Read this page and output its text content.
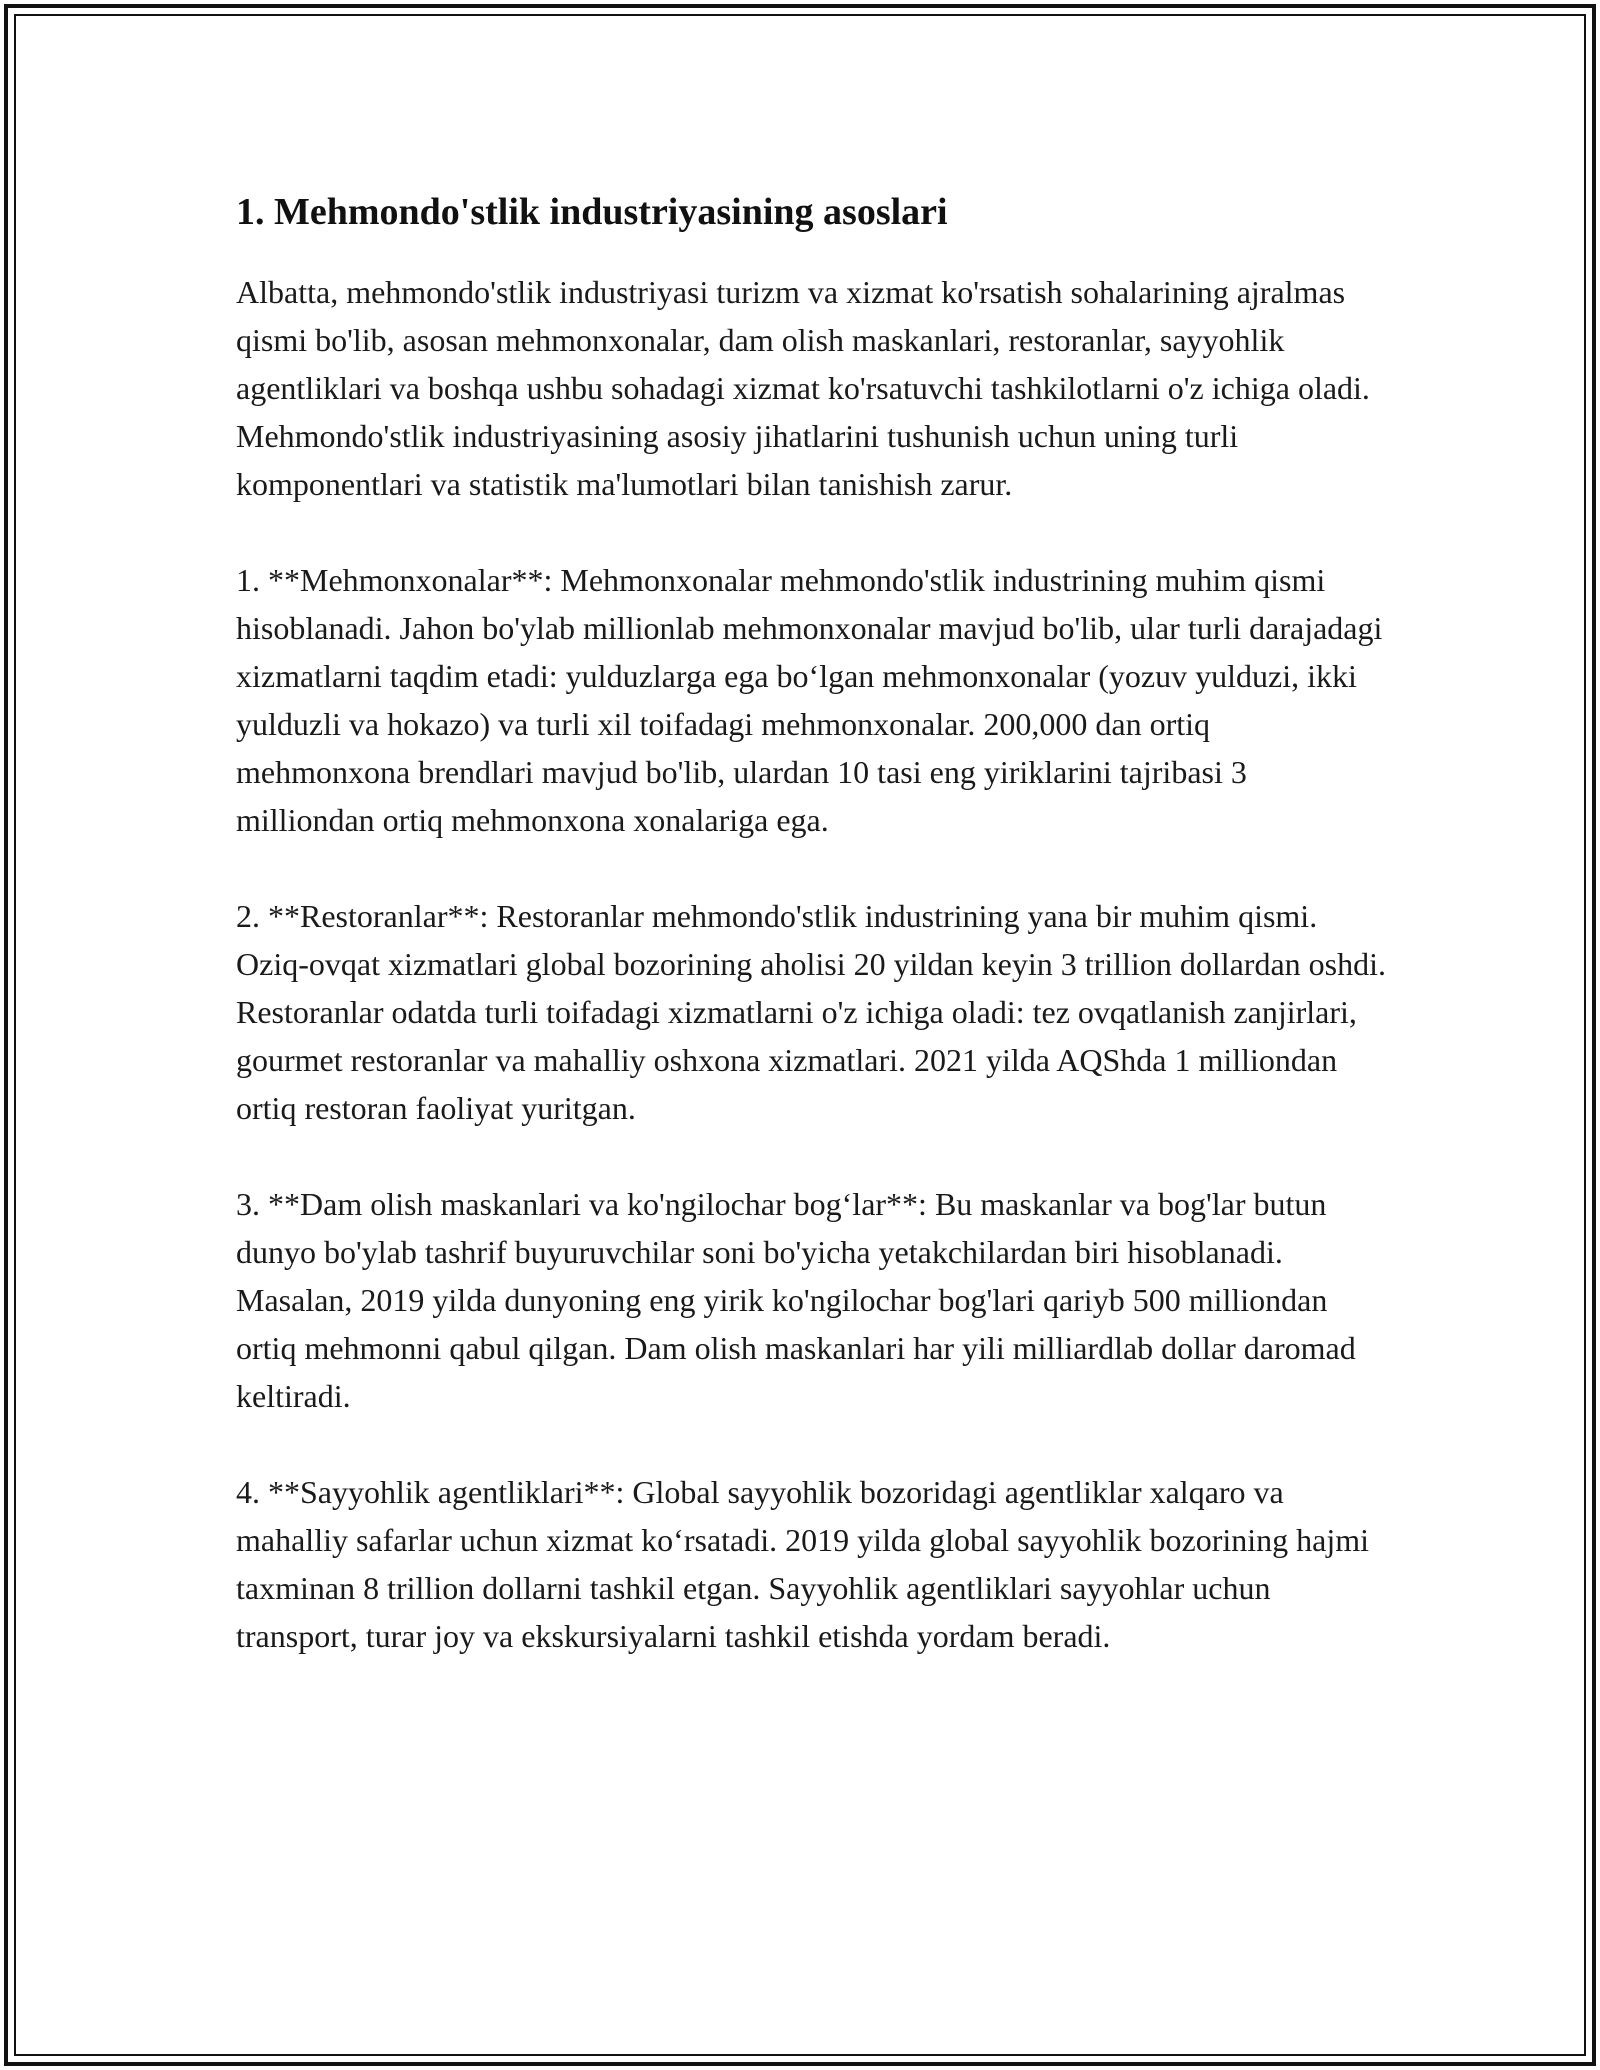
1. Mehmondo'stlik industriyasining asoslari

Albatta, mehmondo'stlik industriyasi turizm va xizmat ko'rsatish sohalarining ajralmas qismi bo'lib, asosan mehmonxonalar, dam olish maskanlari, restoranlar, sayyohlik agentliklari va boshqa ushbu sohadagi xizmat ko'rsatuvchi tashkilotlarni o'z ichiga oladi. Mehmondo'stlik industriyasining asosiy jihatlarini tushunish uchun uning turli komponentlari va statistik ma'lumotlari bilan tanishish zarur.

1. **Mehmonxonalar**: Mehmonxonalar mehmondo'stlik industrining muhim qismi hisoblanadi. Jahon bo'ylab millionlab mehmonxonalar mavjud bo'lib, ular turli darajadagi xizmatlarni taqdim etadi: yulduzlarga ega bo‘lgan mehmonxonalar (yozuv yulduzi, ikki yulduzli va hokazo) va turli xil toifadagi mehmonxonalar. 200,000 dan ortiq mehmonxona brendlari mavjud bo'lib, ulardan 10 tasi eng yiriklarini tajribasi 3 milliondan ortiq mehmonxona xonalariga ega.

2. **Restoranlar**: Restoranlar mehmondo'stlik industrining yana bir muhim qismi. Oziq-ovqat xizmatlari global bozorining aholisi 20 yildan keyin 3 trillion dollardan oshdi. Restoranlar odatda turli toifadagi xizmatlarni o'z ichiga oladi: tez ovqatlanish zanjirlari, gourmet restoranlar va mahalliy oshxona xizmatlari. 2021 yilda AQShda 1 milliondan ortiq restoran faoliyat yuritgan.

3. **Dam olish maskanlari va ko'ngilochar bog‘lar**: Bu maskanlar va bog'lar butun dunyo bo'ylab tashrif buyuruvchilar soni bo'yicha yetakchilardan biri hisoblanadi. Masalan, 2019 yilda dunyoning eng yirik ko'ngilochar bog'lari qariyb 500 milliondan ortiq mehmonni qabul qilgan. Dam olish maskanlari har yili milliardlab dollar daromad keltiradi.

4. **Sayyohlik agentliklari**: Global sayyohlik bozoridagi agentliklar xalqaro va mahalliy safarlar uchun xizmat ko‘rsatadi. 2019 yilda global sayyohlik bozorining hajmi taxminan 8 trillion dollarni tashkil etgan. Sayyohlik agentliklari sayyohlar uchun transport, turar joy va ekskursiyalarni tashkil etishda yordam beradi.
